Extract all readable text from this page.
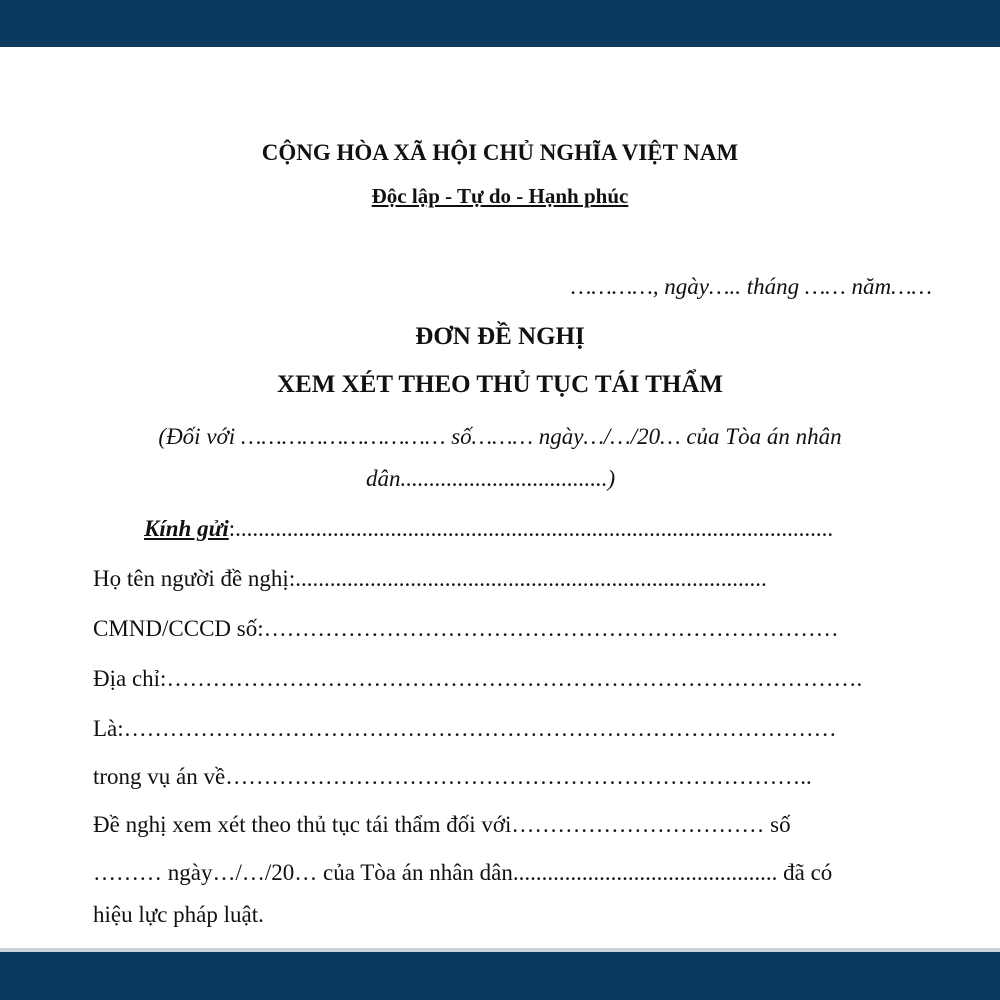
CỘNG HÒA XÃ HỘI CHỦ NGHĨA VIỆT NAM
Độc lập - Tự do - Hạnh phúc
…………, ngày….. tháng …… năm……
ĐƠN ĐỀ NGHỊ
XEM XÉT THEO THỦ TỤC TÁI THẨM
(Đối với ………………………… số……… ngày…/…/20… của Tòa án nhân
dân....................................)
Kính gửi:........................................................................................................
Họ tên người đề nghị:..................................................................................
CMND/CCCD số:…………………………………………………………………
Địa chỉ:……………………………………………………………………………….
Là:…………………………………………………………………………………
trong vụ án về…………………………………………………………………..
Đề nghị xem xét theo thủ tục tái thẩm đối với…………………………… số
……… ngày…/…/20… của Tòa án nhân dân.............................................. đã có
hiệu lực pháp luật.
